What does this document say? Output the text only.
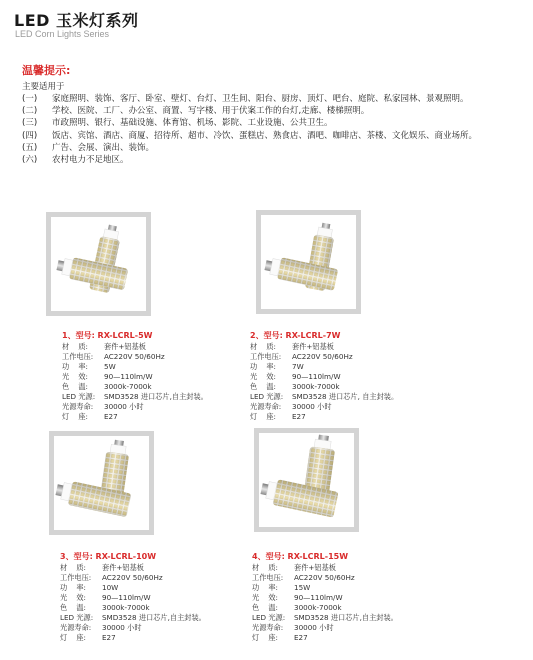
LED 玉米灯系列
LED Corn Lights Series
温馨提示:
主要适用于
(一)	家庭照明、装饰、客厅、卧室、壁灯、台灯、卫生间、阳台、厨房、顶灯、吧台、庭院、私家园林、景观照明。
(二)	学校、医院、工厂、办公室、商置、写字楼、用于伏案工作的台灯,走廊、楼梯照明。
(三)	市政照明、银行、基础设施、体育馆、机场、影院、工业设施、公共卫生。
(四)	饭店、宾馆、酒店、商厦、招待所、超市、冷饮、蛋糕店、熟食店、酒吧、咖啡店、茶楼、文化娱乐、商业场所。
(五)	广告、会展、演出、装饰。
(六)	农村电力不足地区。
1、型号: RX-LCRL-5W
材    质:	套件+铝基板
工作电压:	AC220V 50/60Hz
功    率:	5W
光    效:	90—110lm/W
色    温:	3000k-7000k
LED 光源:	SMD3528 进口芯片,自主封装。
光源寿命:	30000 小时
灯    座:	E27
2、型号: RX-LCRL-7W
材    质:	套件+铝基板
工作电压:	AC220V 50/60Hz
功    率:	7W
光    效:	90—110lm/W
色    温:	3000k-7000k
LED 光源:	SMD3528 进口芯片, 自主封装。
光源寿命:	30000 小时
灯    座:	E27
3、型号: RX-LCRL-10W
材    质:	套件+铝基板
工作电压:	AC220V 50/60Hz
功    率:	10W
光    效:	90—110lm/W
色    温:	3000k-7000k
LED 光源:	SMD3528 进口芯片,自主封装。
光源寿命:	30000 小时
灯    座:	E27
4、型号: RX-LCRL-15W
材    质:	套件+铝基板
工作电压:	AC220V 50/60Hz
功    率:	15W
光    效:	90—110lm/W
色    温:	3000k-7000k
LED 光源:	SMD3528 进口芯片,自主封装。
光源寿命:	30000 小时
灯    座:	E27
